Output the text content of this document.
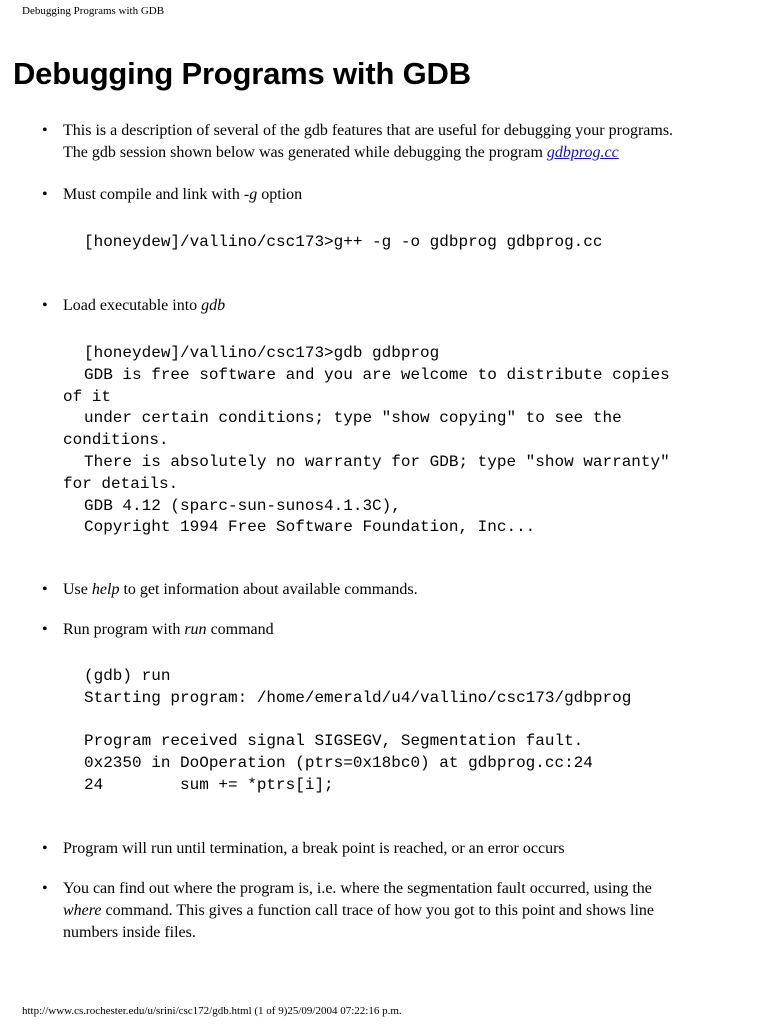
Debugging Programs with GDB
Debugging Programs with GDB
• This is a description of several of the gdb features that are useful for debugging your programs.
The gdb session shown below was generated while debugging the program gdbprog.cc
• Must compile and link with -g option
[honeydew]/vallino/csc173>g++ -g -o gdbprog gdbprog.cc
• Load executable into gdb
[honeydew]/vallino/csc173>gdb gdbprog
GDB is free software and you are welcome to distribute copies
of it
under certain conditions; type "show copying" to see the
conditions.
There is absolutely no warranty for GDB; type "show warranty"
for details.
GDB 4.12 (sparc-sun-sunos4.1.3C),
Copyright 1994 Free Software Foundation, Inc...
• Use help to get information about available commands.
• Run program with run command
(gdb) run
Starting program: /home/emerald/u4/vallino/csc173/gdbprog

Program received signal SIGSEGV, Segmentation fault.
0x2350 in DoOperation (ptrs=0x18bc0) at gdbprog.cc:24
24        sum += *ptrs[i];
• Program will run until termination, a break point is reached, or an error occurs
• You can find out where the program is, i.e. where the segmentation fault occurred, using the
where command. This gives a function call trace of how you got to this point and shows line
numbers inside files.
http://www.cs.rochester.edu/u/srini/csc172/gdb.html (1 of 9)25/09/2004 07:22:16 p.m.
